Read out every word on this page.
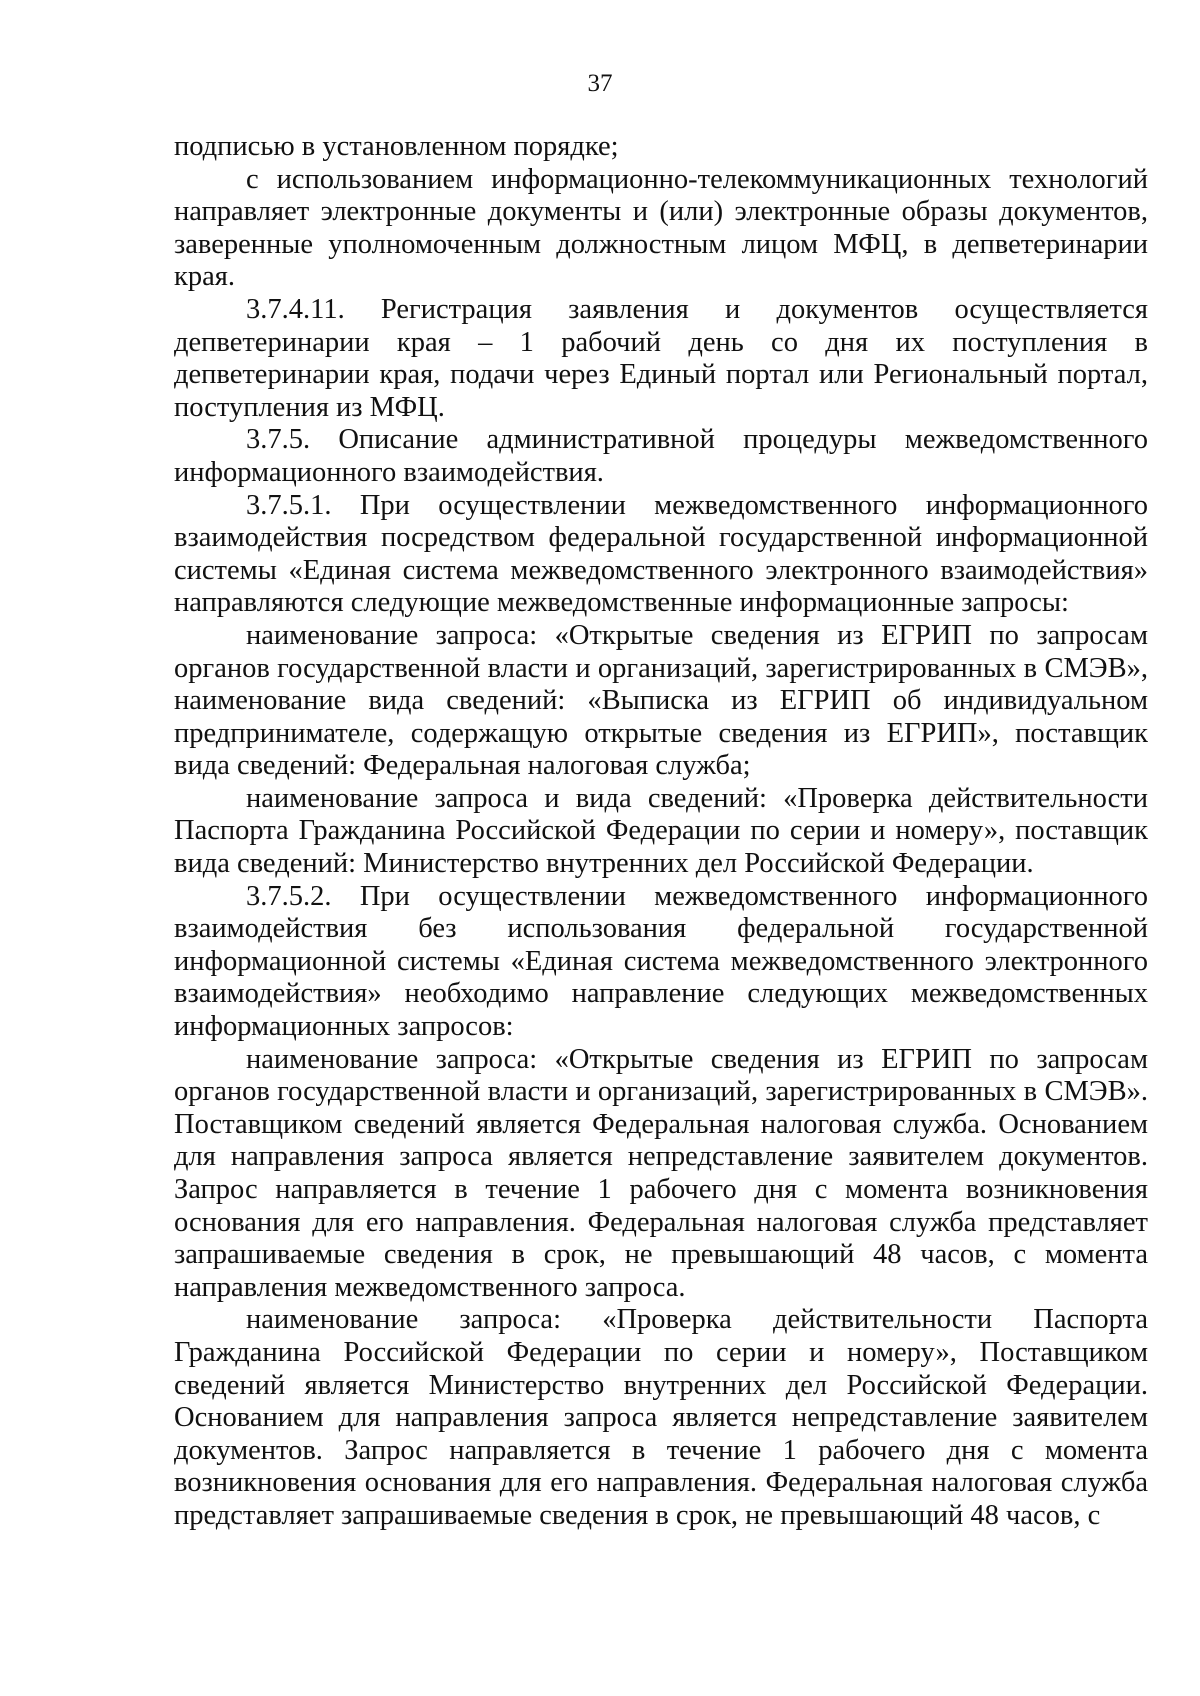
37

подписью в установленном порядке;

с использованием информационно-телекоммуникационных технологий направляет электронные документы и (или) электронные образы документов, заверенные уполномоченным должностным лицом МФЦ, в депветеринарии края.

3.7.4.11. Регистрация заявления и документов осуществляется депветеринарии края – 1 рабочий день со дня их поступления в депветеринарии края, подачи через Единый портал или Региональный портал, поступления из МФЦ.

3.7.5. Описание административной процедуры межведомственного информационного взаимодействия.

3.7.5.1. При осуществлении межведомственного информационного взаимодействия посредством федеральной государственной информационной системы «Единая система межведомственного электронного взаимодействия» направляются следующие межведомственные информационные запросы:

наименование запроса: «Открытые сведения из ЕГРИП по запросам органов государственной власти и организаций, зарегистрированных в СМЭВ», наименование вида сведений: «Выписка из ЕГРИП об индивидуальном предпринимателе, содержащую открытые сведения из ЕГРИП», поставщик вида сведений: Федеральная налоговая служба;

наименование запроса и вида сведений: «Проверка действительности Паспорта Гражданина Российской Федерации по серии и номеру», поставщик вида сведений: Министерство внутренних дел Российской Федерации.

3.7.5.2. При осуществлении межведомственного информационного взаимодействия без использования федеральной государственной информационной системы «Единая система межведомственного электронного взаимодействия» необходимо направление следующих межведомственных информационных запросов:

наименование запроса: «Открытые сведения из ЕГРИП по запросам органов государственной власти и организаций, зарегистрированных в СМЭВ». Поставщиком сведений является Федеральная налоговая служба. Основанием для направления запроса является непредставление заявителем документов. Запрос направляется в течение 1 рабочего дня с момента возникновения основания для его направления. Федеральная налоговая служба представляет запрашиваемые сведения в срок, не превышающий 48 часов, с момента направления межведомственного запроса.

наименование запроса: «Проверка действительности Паспорта Гражданина Российской Федерации по серии и номеру», Поставщиком сведений является Министерство внутренних дел Российской Федерации. Основанием для направления запроса является непредставление заявителем документов. Запрос направляется в течение 1 рабочего дня с момента возникновения основания для его направления. Федеральная налоговая служба представляет запрашиваемые сведения в срок, не превышающий 48 часов, с
